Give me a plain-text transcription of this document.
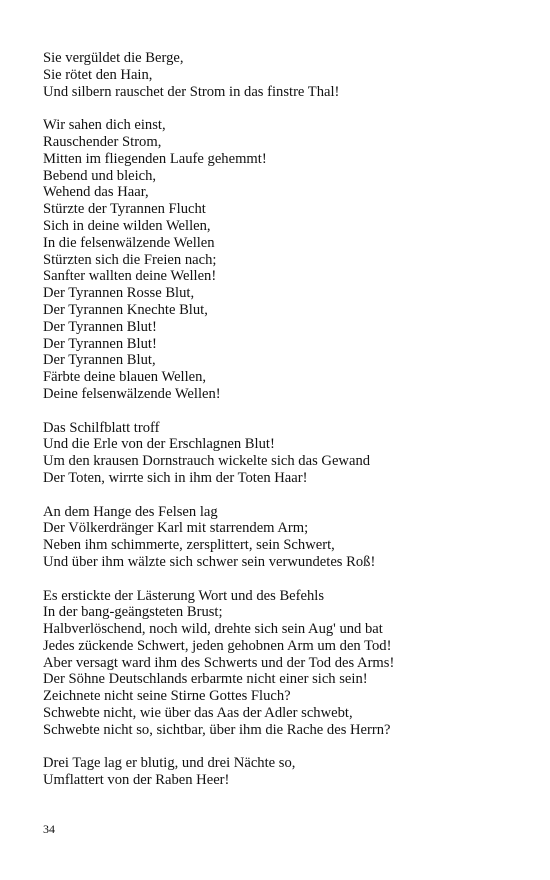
Sie vergüldet die Berge,
Sie rötet den Hain,
Und silbern rauschet der Strom in das finstre Thal!
Wir sahen dich einst,
Rauschender Strom,
Mitten im fliegenden Laufe gehemmt!
Bebend und bleich,
Wehend das Haar,
Stürzte der Tyrannen Flucht
Sich in deine wilden Wellen,
In die felsenwälzende Wellen
Stürzten sich die Freien nach;
Sanfter wallten deine Wellen!
Der Tyrannen Rosse Blut,
Der Tyrannen Knechte Blut,
Der Tyrannen Blut!
Der Tyrannen Blut!
Der Tyrannen Blut,
Färbte deine blauen Wellen,
Deine felsenwälzende Wellen!
Das Schilfblatt troff
Und die Erle von der Erschlagnen Blut!
Um den krausen Dornstrauch wickelte sich das Gewand
Der Toten, wirrte sich in ihm der Toten Haar!
An dem Hange des Felsen lag
Der Völkerdränger Karl mit starrendem Arm;
Neben ihm schimmerte, zersplittert, sein Schwert,
Und über ihm wälzte sich schwer sein verwundetes Roß!
Es erstickte der Lästerung Wort und des Befehls
In der bang-geängsteten Brust;
Halbverlöschend, noch wild, drehte sich sein Aug' und bat
Jedes zückende Schwert, jeden gehobnen Arm um den Tod!
Aber versagt ward ihm des Schwerts und der Tod des Arms!
Der Söhne Deutschlands erbarmte nicht einer sich sein!
Zeichnete nicht seine Stirne Gottes Fluch?
Schwebte nicht, wie über das Aas der Adler schwebt,
Schwebte nicht so, sichtbar, über ihm die Rache des Herrn?
Drei Tage lag er blutig, und drei Nächte so,
Umflattert von der Raben Heer!
34
